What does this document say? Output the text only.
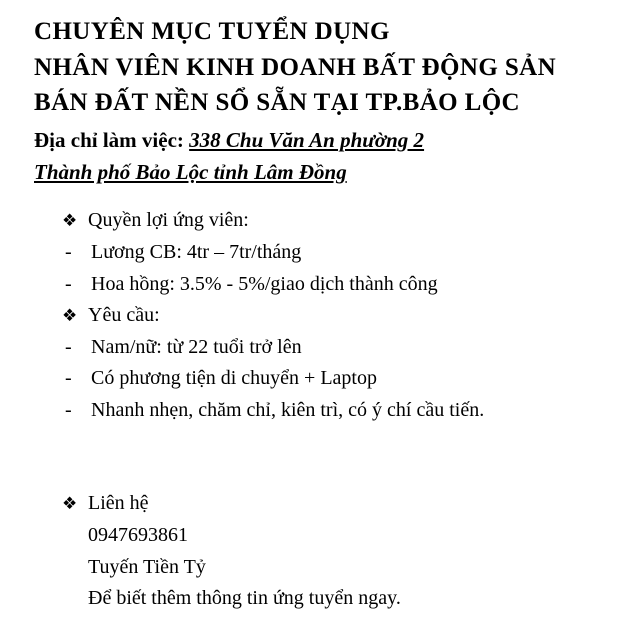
CHUYÊN MỤC TUYỂN DỤNG
NHÂN VIÊN KINH DOANH BẤT ĐỘNG SẢN
BÁN ĐẤT NỀN SỔ SẴN TẠI TP.BẢO LỘC
Địa chỉ làm việc: 338 Chu Văn An phường 2
Thành phố Bảo Lộc tỉnh Lâm Đồng
❖ Quyền lợi ứng viên:
- Lương CB: 4tr – 7tr/tháng
- Hoa hồng: 3.5% - 5%/giao dịch thành công
❖ Yêu cầu:
- Nam/nữ: từ 22 tuổi trở lên
- Có phương tiện di chuyển + Laptop
- Nhanh nhẹn, chăm chỉ, kiên trì, có ý chí cầu tiến.
❖ Liên hệ
0947693861
Tuyến Tiền Tỷ
Để biết thêm thông tin ứng tuyển ngay.
